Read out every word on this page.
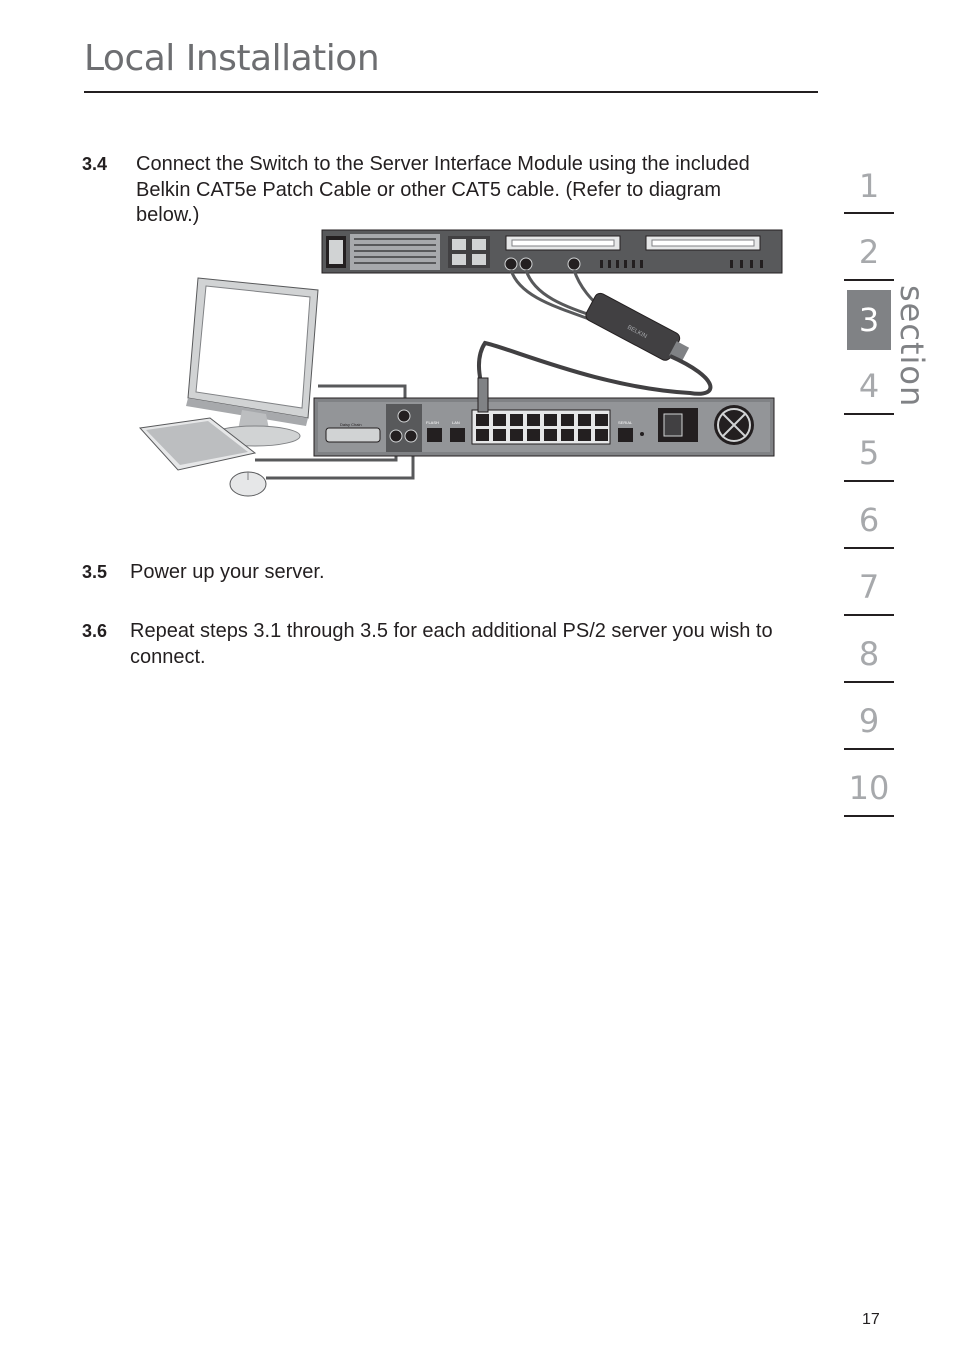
Local Installation
3.4 Connect the Switch to the Server Interface Module using the included Belkin CAT5e Patch Cable or other CAT5 cable. (Refer to diagram below.)
BELKIN
Daisy Chain	FLASH	LAN	SERIAL
3.5 Power up your server.
3.6 Repeat steps 3.1 through 3.5 for each additional PS/2 server you wish to connect.
1
2
3
4
5
6
7
8
9
10
section
17
